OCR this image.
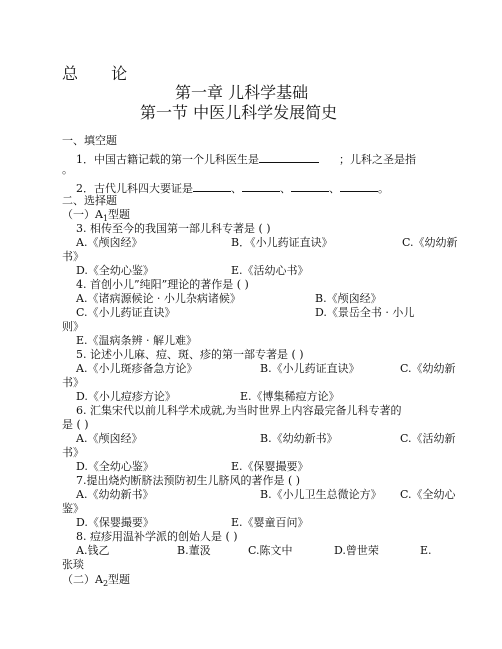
总 论
第一章 儿科学基础
第一节 中医儿科学发展简史
一、填空题
1．中国古籍记载的第一个儿科医生是	；儿科之圣是指
。
2．古代儿科四大要证是	、	、	、	。
二、选择题
（一）$A_1$型题
3. 相传至今的我国第一部儿科专著是 ( )
A.《颅囟经》	B．《小儿药证直诀》	C.《幼幼新
书》
D.《全幼心鉴》	E.《活幼心书》
4. 首创小儿”纯阳”理论的著作是 ( )
A.《诸病源候论 · 小儿杂病诸候》	B.《颅囟经》
C.《小儿药证直诀》	D.《景岳全书 · 小儿
则》
E.《温病条辨 · 解儿难》
5. 论述小儿麻、痘、斑、疹的第一部专著是 ( )
A.《小儿斑疹备急方论》	B.《小儿药证直诀》	C.《幼幼新
书》
D.《小儿痘疹方论》	E.《博集稀痘方论》
6. 汇集宋代以前儿科学术成就,为当时世界上内容最完备儿科专著的
是 ( )
A.《颅囟经》	B.《幼幼新书》	C.《活幼新
书》
D.《全幼心鉴》	E.《保婴撮要》
7.提出烧灼断脐法预防初生儿脐风的著作是 ( )
A.《幼幼新书》	B.《小儿卫生总微论方》 C.《全幼心
鉴》
D.《保婴撮要》	E.《婴童百问》
8. 痘疹用温补学派的创始人是 ( )
A.钱乙	B.董汲	C.陈文中	D.曾世荣	E.
张琰
（二）$A_2$型题
